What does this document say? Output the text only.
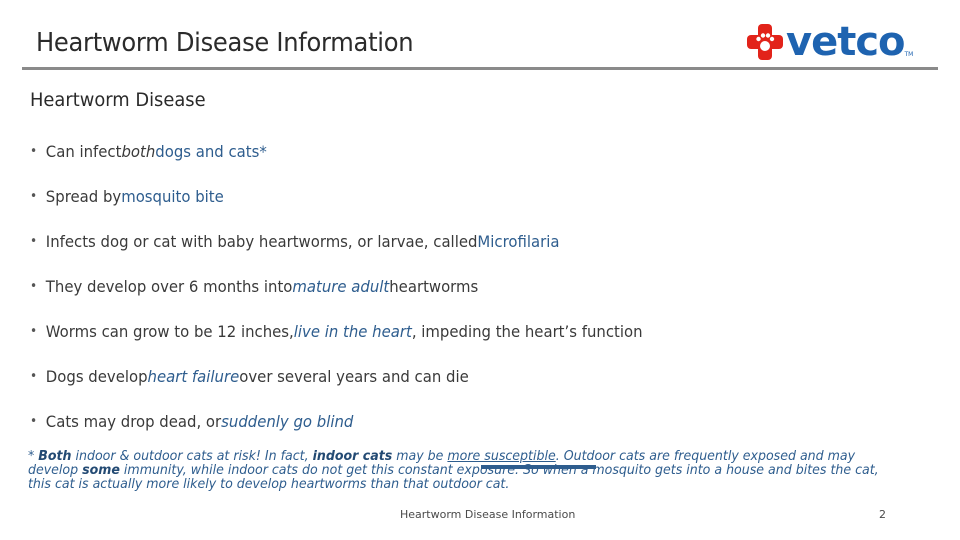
Heartworm Disease Information	vetco TM
Heartworm Disease
• Can infect both dogs and cats*
• Spread by mosquito bite
• Infects dog or cat with baby heartworms, or larvae, called Microfilaria
• They develop over 6 months into mature adult heartworms
• Worms can grow to be 12 inches, live in the heart , impeding the heart’s function
• Dogs develop heart failure over several years and can die
• Cats may drop dead, or suddenly go blind
* Both indoor & outdoor cats at risk! In fact, indoor cats may be more susceptible. Outdoor cats are frequently exposed and may
develop some immunity, while indoor cats do not get this constant exposure. So when a mosquito gets into a house and bites the cat,
this cat is actually more likely to develop heartworms than that outdoor cat.
Heartworm Disease Information	2
